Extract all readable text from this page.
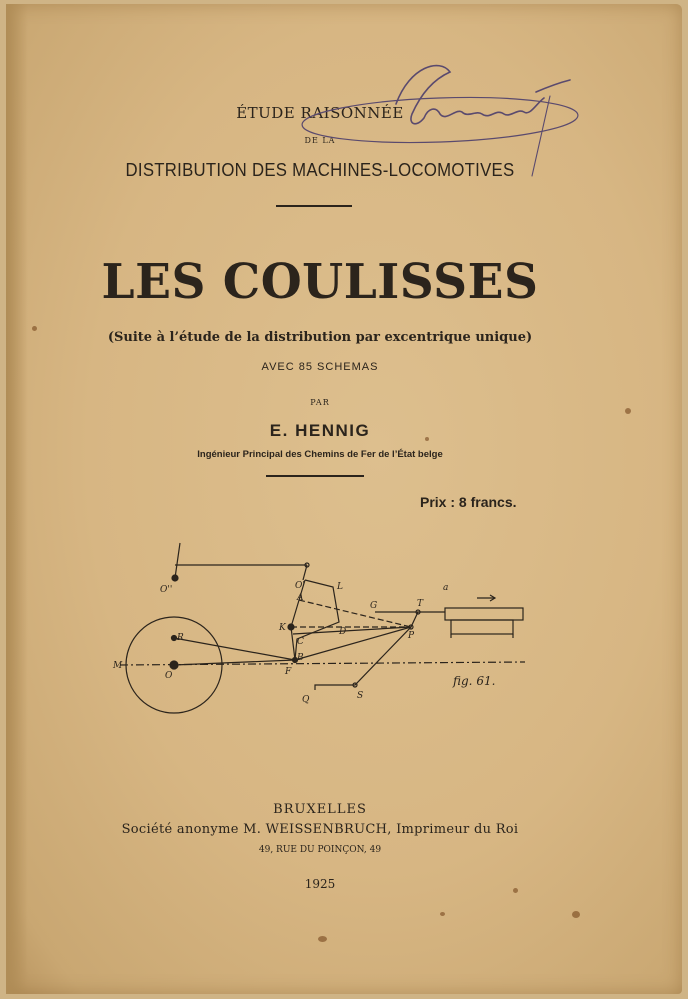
ÉTUDE RAISONNÉE
DE LA
DISTRIBUTION DES MACHINES-LOCOMOTIVES
LES COULISSES
(Suite à l’étude de la distribution par excentrique unique)
AVEC 85 SCHEMAS
PAR
E. HENNIG
Ingénieur Principal des Chemins de Fer de l’État belge
Prix : 8 francs.
O''	O'	L
A
G	T
a
K
C
D	P
R
M
O
B
F
Q	S
fig. 61.
BRUXELLES
Société anonyme M. WEISSENBRUCH, Imprimeur du Roi
49, RUE DU POINÇON, 49
1925
